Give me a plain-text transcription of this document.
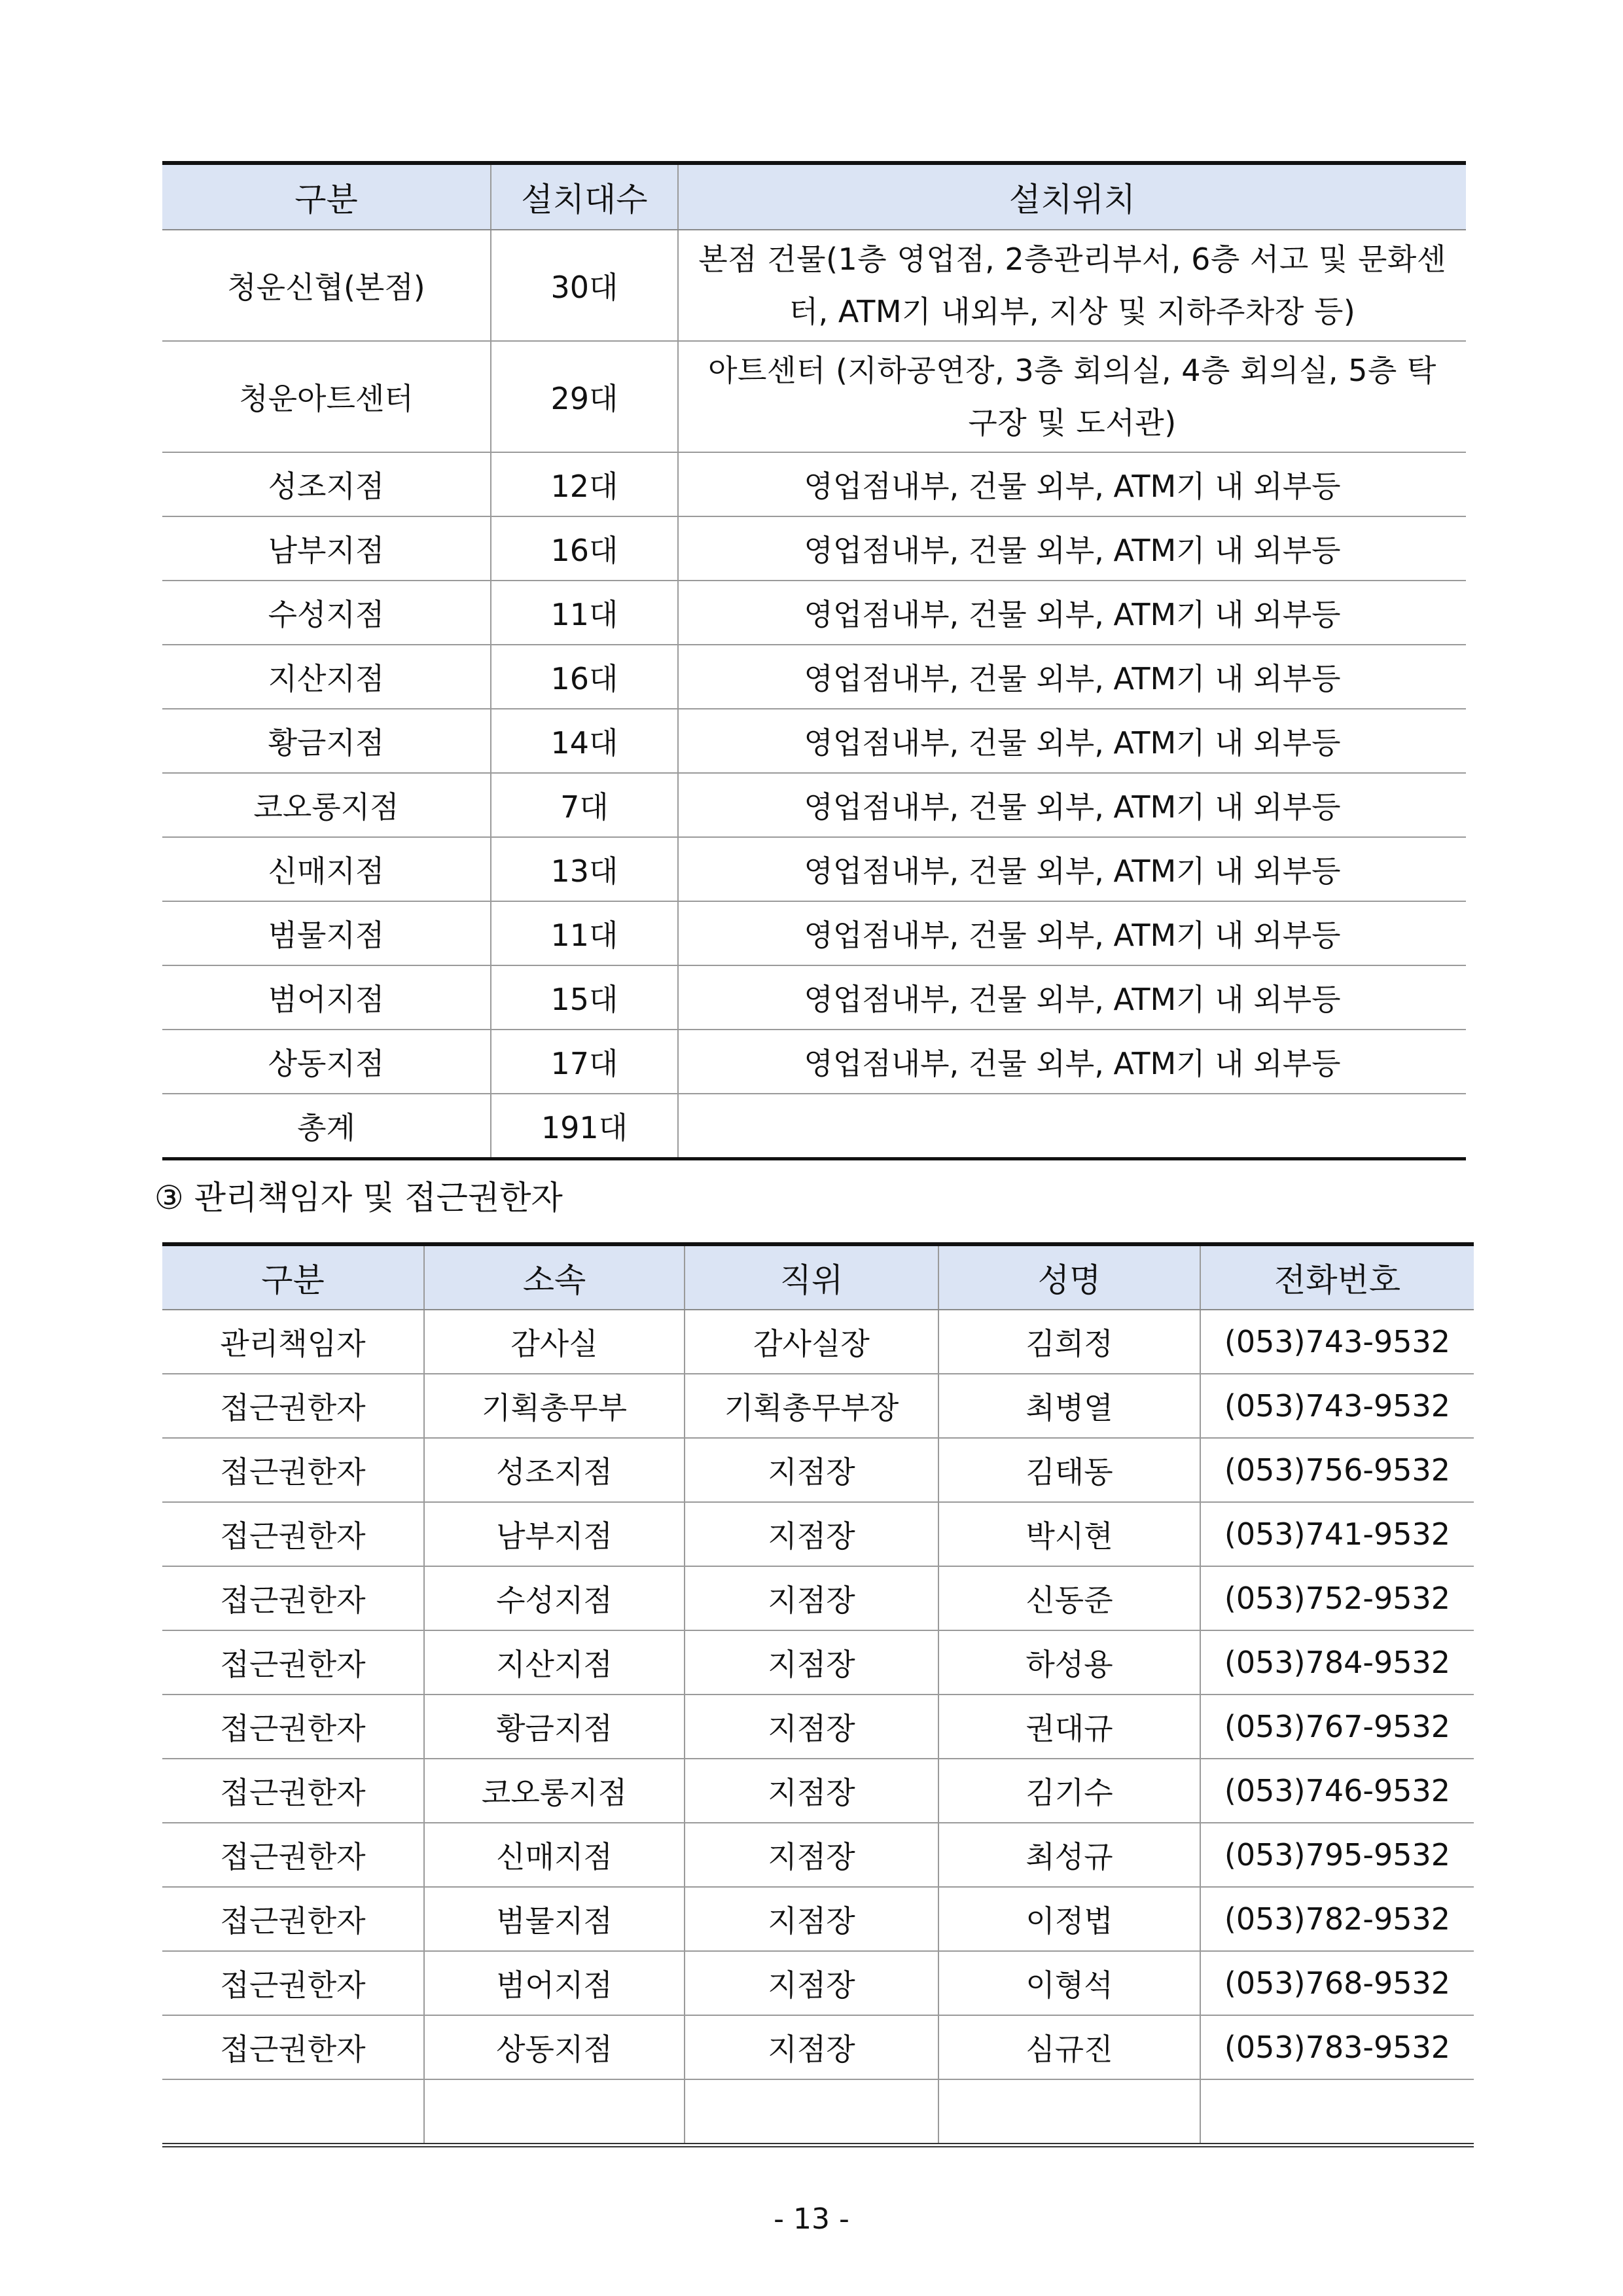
구분	설치대수	설치위치
청운신협(본점)	30대	본점 건물(1층 영업점, 2층관리부서, 6층 서고 및 문화센터, ATM기 내외부, 지상 및 지하주차장 등)
청운아트센터	29대	아트센터 (지하공연장, 3층 회의실, 4층 회의실, 5층 탁구장 및 도서관)
성조지점	12대	영업점내부, 건물 외부, ATM기 내 외부등
남부지점	16대	영업점내부, 건물 외부, ATM기 내 외부등
수성지점	11대	영업점내부, 건물 외부, ATM기 내 외부등
지산지점	16대	영업점내부, 건물 외부, ATM기 내 외부등
황금지점	14대	영업점내부, 건물 외부, ATM기 내 외부등
코오롱지점	7대	영업점내부, 건물 외부, ATM기 내 외부등
신매지점	13대	영업점내부, 건물 외부, ATM기 내 외부등
범물지점	11대	영업점내부, 건물 외부, ATM기 내 외부등
범어지점	15대	영업점내부, 건물 외부, ATM기 내 외부등
상동지점	17대	영업점내부, 건물 외부, ATM기 내 외부등
총계	191대	
③ 관리책임자 및 접근권한자
구분	소속	직위	성명	전화번호
관리책임자	감사실	감사실장	김희정	(053)743-9532
접근권한자	기획총무부	기획총무부장	최병열	(053)743-9532
접근권한자	성조지점	지점장	김태동	(053)756-9532
접근권한자	남부지점	지점장	박시현	(053)741-9532
접근권한자	수성지점	지점장	신동준	(053)752-9532
접근권한자	지산지점	지점장	하성용	(053)784-9532
접근권한자	황금지점	지점장	권대규	(053)767-9532
접근권한자	코오롱지점	지점장	김기수	(053)746-9532
접근권한자	신매지점	지점장	최성규	(053)795-9532
접근권한자	범물지점	지점장	이정법	(053)782-9532
접근권한자	범어지점	지점장	이형석	(053)768-9532
접근권한자	상동지점	지점장	심규진	(053)783-9532

- 13 -
